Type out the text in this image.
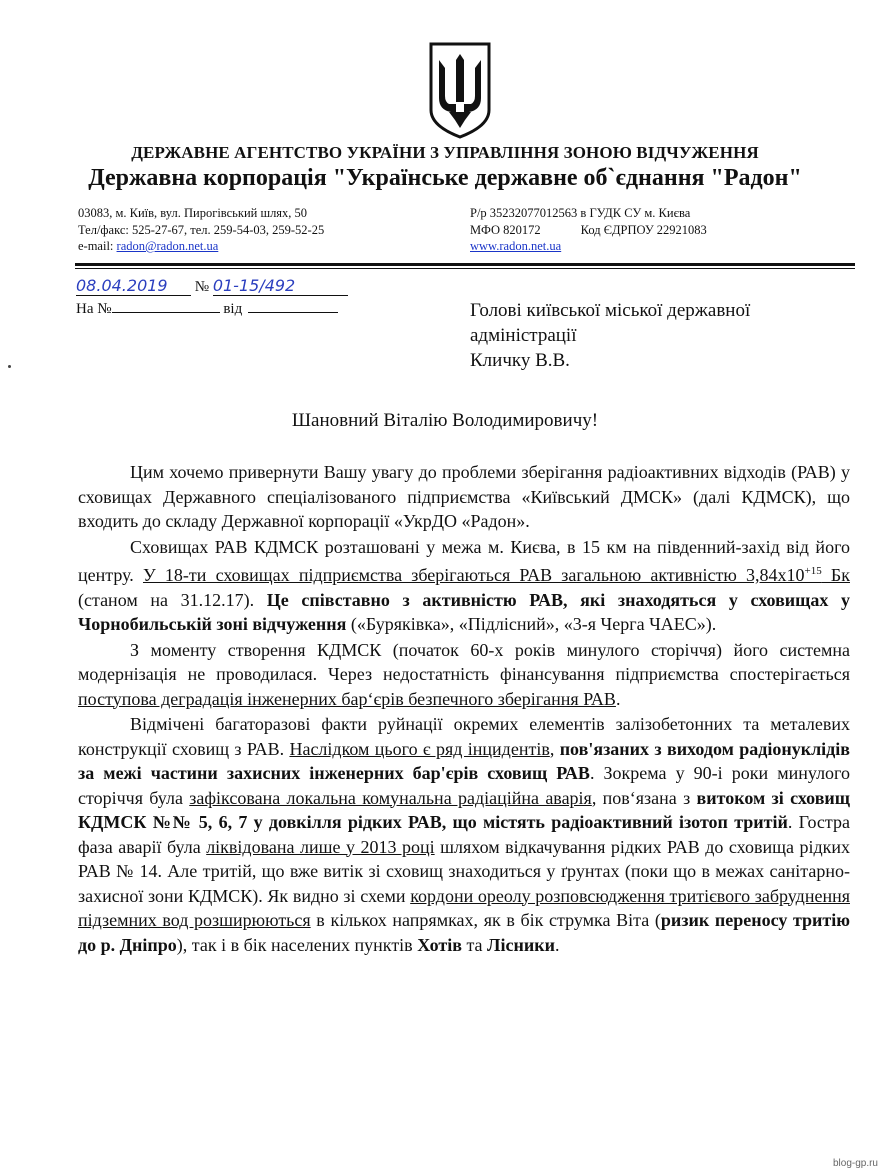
ДЕРЖАВНЕ АГЕНТСТВО УКРАЇНИ З УПРАВЛІННЯ ЗОНОЮ ВІДЧУЖЕННЯ
Державна корпорація "Українське державне об`єднання "Радон"
03083, м. Київ, вул. Пирогівський шлях, 50
Тел/факс: 525-27-67, тел. 259-54-03, 259-52-25
e-mail: radon@radon.net.ua
Р/р 35232077012563 в ГУДК СУ м. Києва
МФО 820172	Код ЄДРПОУ 22921083
www.radon.net.ua
08.04.2019 № 01-15/492
На №	від	Голові київської міської державної
адміністрації
Кличку В.В.
Шановний Віталію Володимировичу!

Цим хочемо привернути Вашу увагу до проблеми зберігання радіоактивних відходів (РАВ) у сховищах Державного спеціалізованого підприємства «Київський ДМСК» (далі КДМСК), що входить до складу Державної корпорації «УкрДО «Радон».

Сховищах РАВ КДМСК розташовані у межа м. Києва, в 15 км на південний-захід від його центру. У 18-ти сховищах підприємства зберігаються РАВ загальною активністю $3,84х10^{+15}$ Бк (станом на 31.12.17). Це співставно з активністю РАВ, які знаходяться у сховищах у Чорнобильській зоні відчуження («Буряківка», «Підлісний», «3-я Черга ЧАЕС»).

З моменту створення КДМСК (початок 60-х років минулого сторіччя) його системна модернізація не проводилася. Через недостатність фінансування підприємства спостерігається поступова деградація інженерних бар‘єрів безпечного зберігання РАВ.

Відмічені багаторазові факти руйнації окремих елементів залізобетонних та металевих конструкції сховищ з РАВ. Наслідком цього є ряд інцидентів, пов'язаних з виходом радіонуклідів за межі частини захисних інженерних бар'єрів сховищ РАВ. Зокрема у 90-і роки минулого сторіччя була зафіксована локальна комунальна радіаційна аварія, пов‘язана з витоком зі сховищ КДМСК №№ 5, 6, 7 у довкілля рідких РАВ, що містять радіоактивний ізотоп тритій. Гостра фаза аварії була ліквідована лише у 2013 році шляхом відкачування рідких РАВ до сховища рідких РАВ № 14. Але тритій, що вже витік зі сховищ знаходиться у ґрунтах (поки що в межах санітарно-захисної зони КДМСК). Як видно зі схеми кордони ореолу розповсюдження тритієвого забруднення підземних вод розширюються в кількох напрямках, як в бік струмка Віта (ризик переносу тритію до р. Дніпро), так і в бік населених пунктів Хотів та Лісники.

blog-gp.ru
